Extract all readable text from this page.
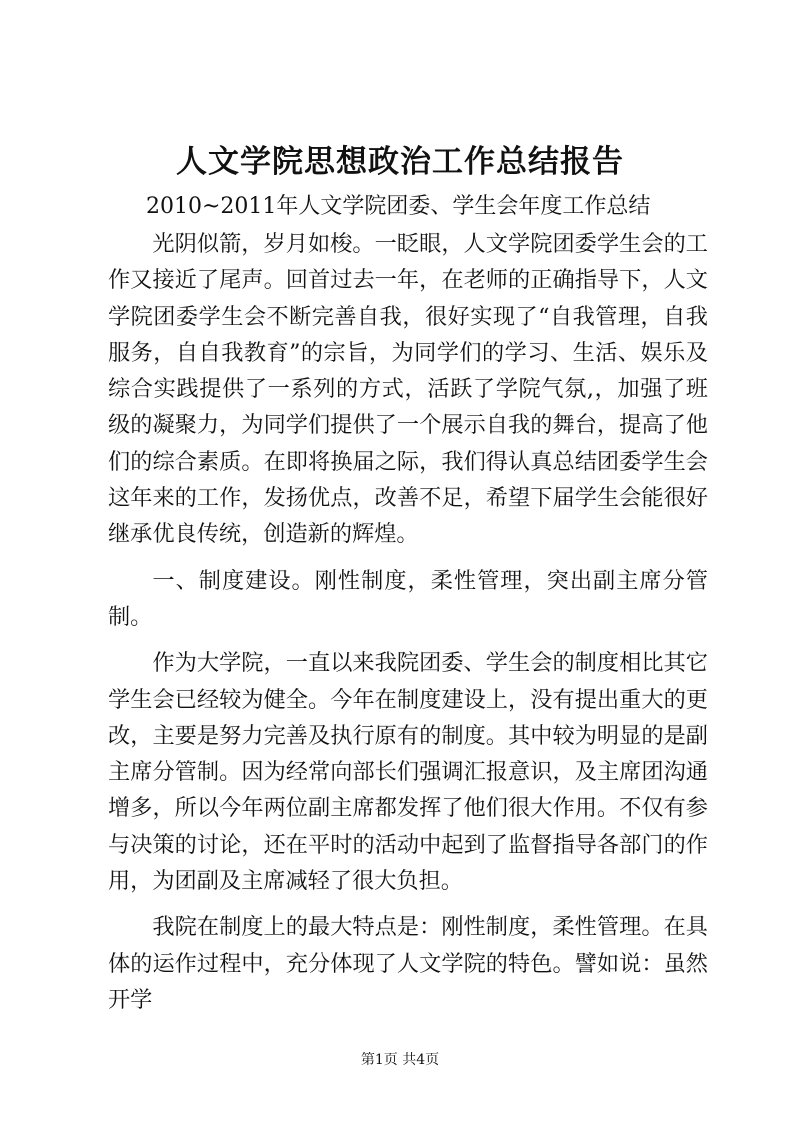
人文学院思想政治工作总结报告
2010~2011年人文学院团委、学生会年度工作总结

光阴似箭，岁月如梭。一眨眼，人文学院团委学生会的工作又接近了尾声。回首过去一年，在老师的正确指导下，人文学院团委学生会不断完善自我，很好实现了“自我管理，自我服务，自自我教育”的宗旨，为同学们的学习、生活、娱乐及综合实践提供了一系列的方式，活跃了学院气氛,，加强了班级的凝聚力，为同学们提供了一个展示自我的舞台，提高了他们的综合素质。在即将换届之际，我们得认真总结团委学生会这年来的工作，发扬优点，改善不足，希望下届学生会能很好继承优良传统，创造新的辉煌。

一、制度建设。刚性制度，柔性管理，突出副主席分管制。

作为大学院，一直以来我院团委、学生会的制度相比其它学生会已经较为健全。今年在制度建设上，没有提出重大的更改，主要是努力完善及执行原有的制度。其中较为明显的是副主席分管制。因为经常向部长们强调汇报意识，及主席团沟通增多，所以今年两位副主席都发挥了他们很大作用。不仅有参与决策的讨论，还在平时的活动中起到了监督指导各部门的作用，为团副及主席减轻了很大负担。

我院在制度上的最大特点是：刚性制度，柔性管理。在具体的运作过程中，充分体现了人文学院的特色。譬如说：虽然开学

第1页 共4页
